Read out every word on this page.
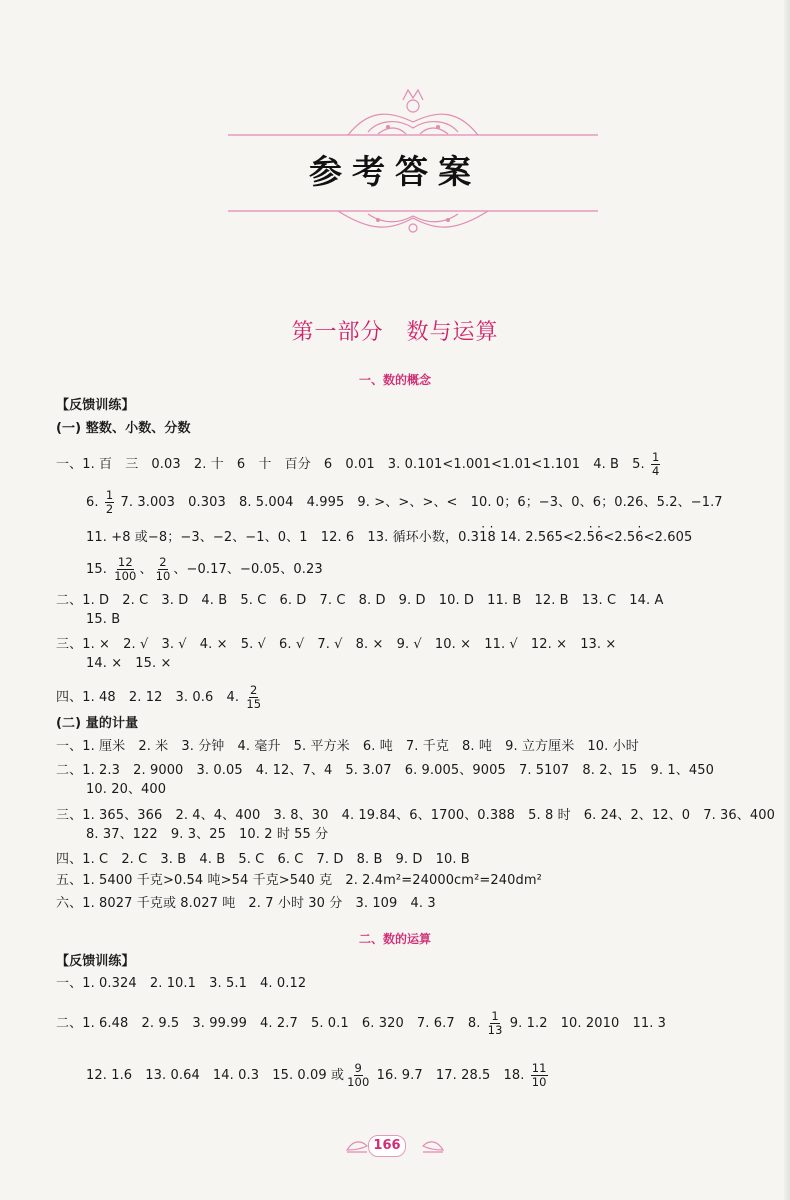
参考答案
第一部分　数与运算
一、数的概念
【反馈训练】
(一) 整数、小数、分数
一、1. 百　三　0.03　2. 十　6　十　百分　6　0.01　3. 0.101<1.001<1.01<1.101　4. B　5. $\frac{1}{4}$
6. $\frac{1}{2} 7$. 3.003　0.303　8. 5.004　4.995　9. >、>、>、<　10. 0；6；−3、0、6；0.26、5.2、−1.7
11. +8 或−8；−3、−2、−1、0、1　12. 6　13. 循环小数，0.3· 1· 8 14. 2.565<2.· 5· 6<2.5· 6<2.605
15. $\frac{12}{100}$ 、 $\frac{2}{10}$ 、−0.17、−0.05、0.23
二、1. D　2. C　3. D　4. B　5. C　6. D　7. C　8. D　9. D　10. D　11. B　12. B　13. C　14. A
15. B
三、1. ×　2. √　3. √　4. ×　5. √　6. √　7. √　8. ×　9. √　10. ×　11. √　12. ×　13. ×
14. ×　15. ×
四、1. 48　2. 12　3. 0.6　4. $\frac{2}{15}$
(二) 量的计量
一、1. 厘米　2. 米　3. 分钟　4. 毫升　5. 平方米　6. 吨　7. 千克　8. 吨　9. 立方厘米　10. 小时
二、1. 2.3　2. 9000　3. 0.05　4. 12、7、4　5. 3.07　6. 9.005、9005　7. 5107　8. 2、15　9. 1、450
10. 20、400
三、1. 365、366　2. 4、4、400　3. 8、30　4. 19.84、6、1700、0.388　5. 8 时　6. 24、2、12、0　7. 36、400
8. 37、122　9. 3、25　10. 2 时 55 分
四、1. C　2. C　3. B　4. B　5. C　6. C　7. D　8. B　9. D　10. B
五、1. 5400 千克>0.54 吨>54 千克>540 克　2. 2.4m²=24000cm²=240dm²
六、1. 8027 千克或 8.027 吨　2. 7 小时 30 分　3. 109　4. 3
二、数的运算
【反馈训练】
一、1. 0.324　2. 10.1　3. 5.1　4. 0.12
二、1. 6.48　2. 9.5　3. 99.99　4. 2.7　5. 0.1　6. 320　7. 6.7　8. $\frac{1}{13} 9$. 1.2　10. 2010　11. 3
12. 1.6　13. 0.64　14. 0.3　15. 0.09 或 $\frac{9}{100} 16$. 9.7　17. 28.5　18. $\frac{11}{10}$
166
